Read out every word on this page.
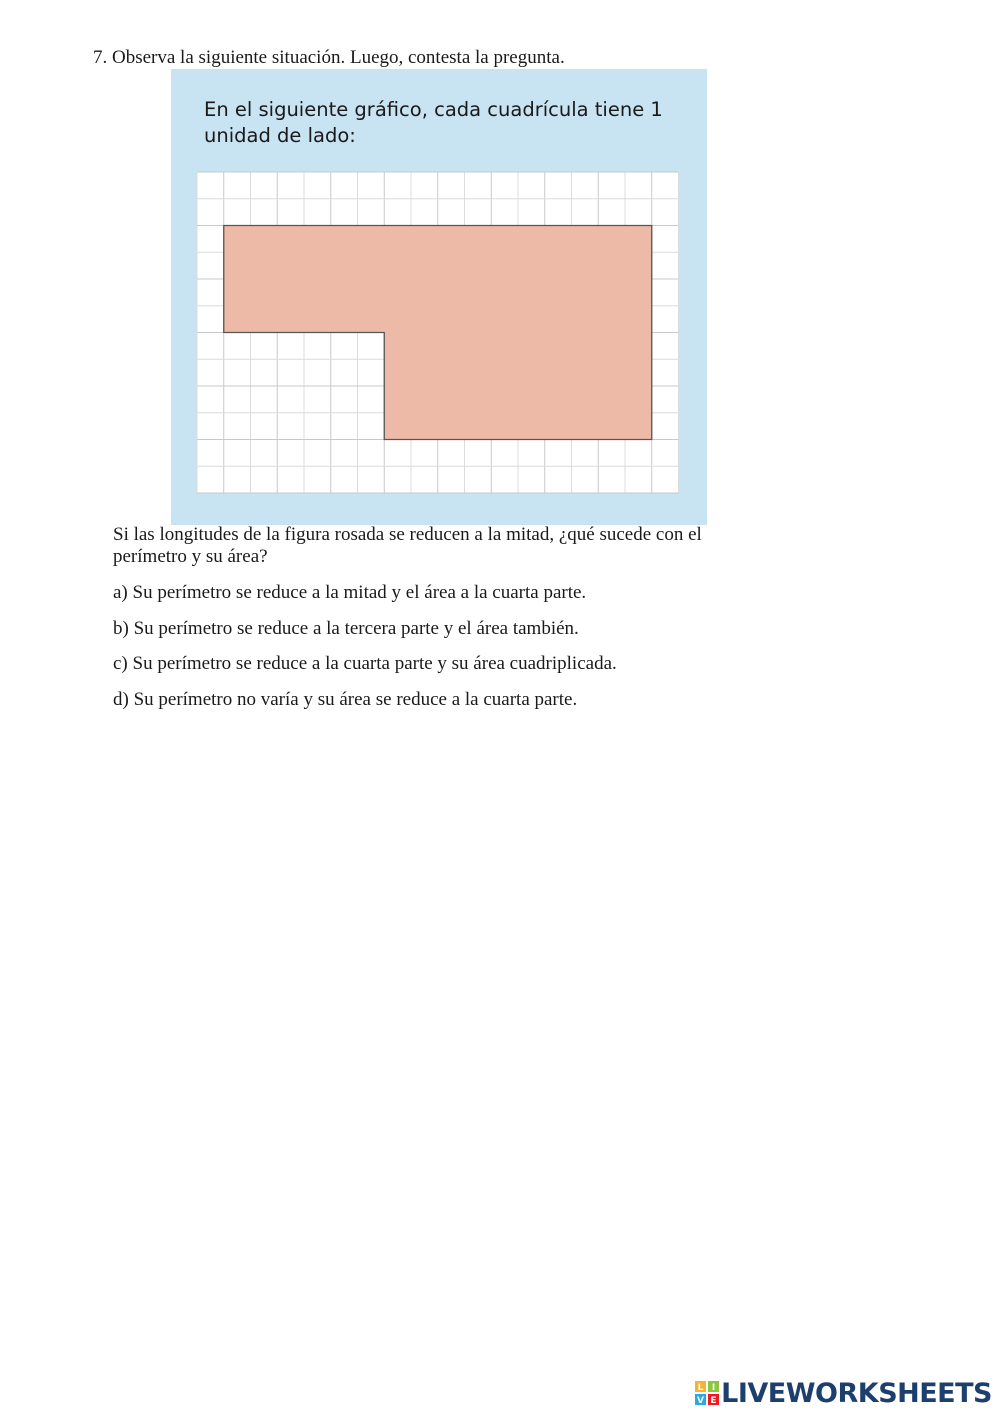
7. Observa la siguiente situación. Luego, contesta la pregunta.
En el siguiente gráfico, cada cuadrícula tiene 1 unidad de lado:
Si las longitudes de la figura rosada se reducen a la mitad, ¿qué sucede con el perímetro y su área?
a) Su perímetro se reduce a la mitad y el área a la cuarta parte.
b) Su perímetro se reduce a la tercera parte y el área también.
c) Su perímetro se reduce a la cuarta parte y su área cuadriplicada.
d) Su perímetro no varía y su área se reduce a la cuarta parte.
L I
V E LIVEWORKSHEETS
